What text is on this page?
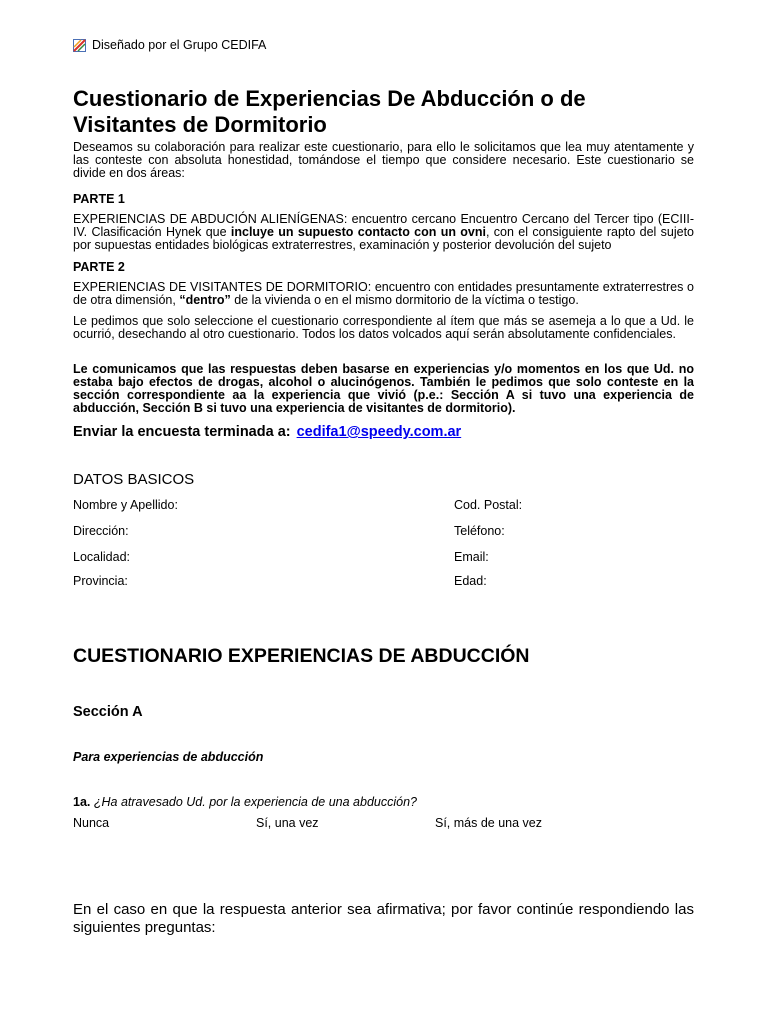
Diseñado por el Grupo CEDIFA
Cuestionario de Experiencias De Abducción o de Visitantes de Dormitorio

Deseamos su colaboración para realizar este cuestionario, para ello le solicitamos que lea muy atentamente y las conteste con absoluta honestidad, tomándose el tiempo que considere necesario. Este cuestionario se divide en dos áreas:

PARTE 1

EXPERIENCIAS DE ABDUCIÓN ALIENÍGENAS: encuentro cercano Encuentro Cercano del Tercer tipo (ECIII- IV. Clasificación Hynek que incluye un supuesto contacto con un ovni, con el consiguiente rapto del sujeto por supuestas entidades biológicas extraterrestres, examinación y posterior devolución del sujeto

PARTE 2

EXPERIENCIAS DE VISITANTES DE DORMITORIO: encuentro con entidades presuntamente extraterrestres o de otra dimensión, “dentro” de la vivienda o en el mismo dormitorio de la víctima o testigo.

Le pedimos que solo seleccione el cuestionario correspondiente al ítem que más se asemeja a lo que a Ud. le ocurrió, desechando al otro cuestionario. Todos los datos volcados aquí serán absolutamente confidenciales.

Le comunicamos que las respuestas deben basarse en experiencias y/o momentos en los que Ud. no estaba bajo efectos de drogas, alcohol o alucinógenos. También le pedimos que solo conteste en la sección correspondiente aa la experiencia que vivió (p.e.: Sección A si tuvo una experiencia de abducción, Sección B si tuvo una experiencia de visitantes de dormitorio).

Enviar la encuesta terminada a: cedifa1@speedy.com.ar
DATOS BASICOS
Nombre y Apellido:
Dirección:
Localidad:
Provincia:
Cod. Postal:
Teléfono:
Email:
Edad:
CUESTIONARIO EXPERIENCIAS DE ABDUCCIÓN
Sección A
Para experiencias de abducción
1a. ¿Ha atravesado Ud. por la experiencia de una abducción?
Nunca	Sí, una vez	Sí, más de una vez

En el caso en que la respuesta anterior sea afirmativa; por favor continúe respondiendo las siguientes preguntas:
